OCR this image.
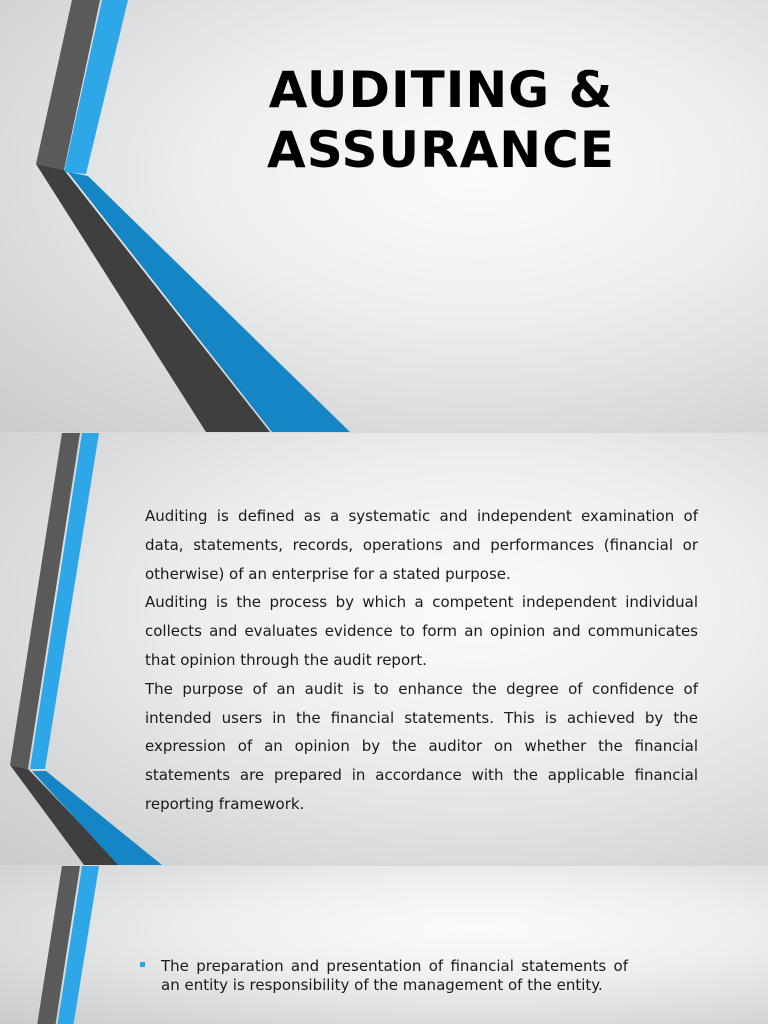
AUDITING &
ASSURANCE

Auditing is defined as a systematic and independent examination of data, statements, records, operations and performances (financial or otherwise) of an enterprise for a stated purpose.

Auditing is the process by which a competent independent individual collects and evaluates evidence to form an opinion and communicates that opinion through the audit report.

The purpose of an audit is to enhance the degree of confidence of intended users in the financial statements. This is achieved by the expression of an opinion by the auditor on whether the financial statements are prepared in accordance with the applicable financial reporting framework.

The preparation and presentation of financial statements of an entity is responsibility of the management of the entity.
